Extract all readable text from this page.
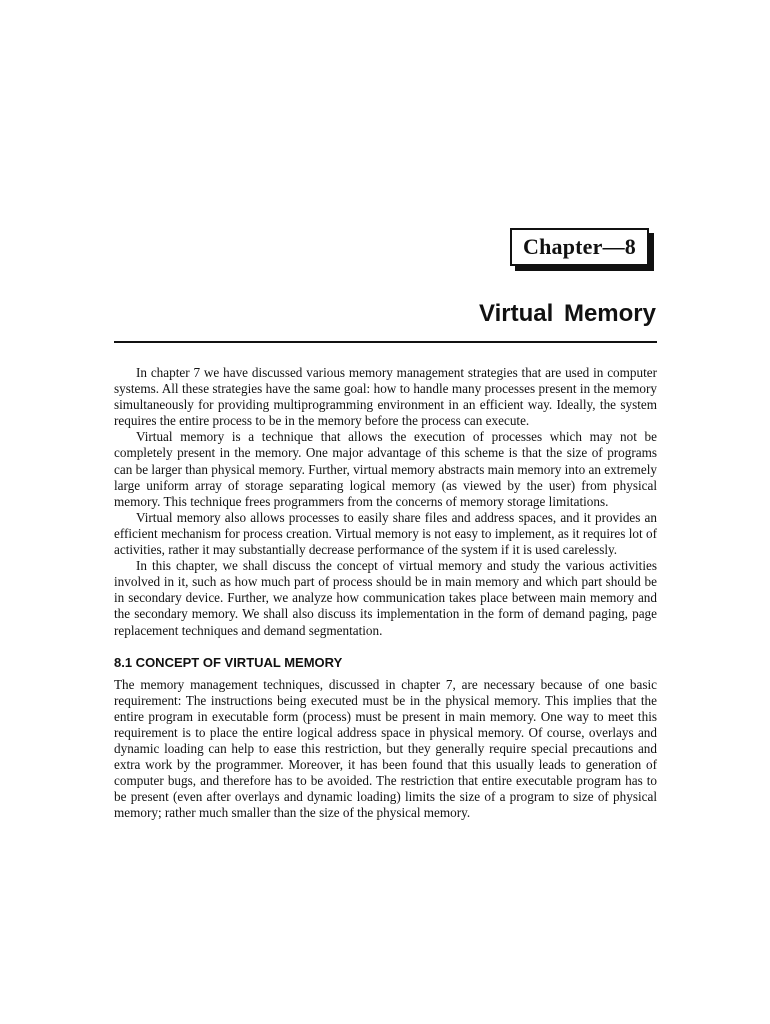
Chapter—8
Virtual Memory

In chapter 7 we have discussed various memory management strategies that are used in computer systems. All these strategies have the same goal: how to handle many processes present in the memory simultaneously for providing multiprogramming environment in an efficient way. Ideally, the system requires the entire process to be in the memory before the process can execute.

Virtual memory is a technique that allows the execution of processes which may not be completely present in the memory. One major advantage of this scheme is that the size of programs can be larger than physical memory. Further, virtual memory abstracts main memory into an extremely large uniform array of storage separating logical memory (as viewed by the user) from physical memory. This technique frees programmers from the concerns of memory storage limitations.

Virtual memory also allows processes to easily share files and address spaces, and it provides an efficient mechanism for process creation. Virtual memory is not easy to implement, as it requires lot of activities, rather it may substantially decrease performance of the system if it is used carelessly.

In this chapter, we shall discuss the concept of virtual memory and study the various activities involved in it, such as how much part of process should be in main memory and which part should be in secondary device. Further, we analyze how communication takes place between main memory and the secondary memory. We shall also discuss its implementation in the form of demand paging, page replacement techniques and demand segmentation.

8.1 CONCEPT OF VIRTUAL MEMORY

The memory management techniques, discussed in chapter 7, are necessary because of one basic requirement: The instructions being executed must be in the physical memory. This implies that the entire program in executable form (process) must be present in main memory. One way to meet this requirement is to place the entire logical address space in physical memory. Of course, overlays and dynamic loading can help to ease this restriction, but they generally require special precautions and extra work by the programmer. Moreover, it has been found that this usually leads to generation of computer bugs, and therefore has to be avoided. The restriction that entire executable program has to be present (even after overlays and dynamic loading) limits the size of a program to size of physical memory; rather much smaller than the size of the physical memory.
